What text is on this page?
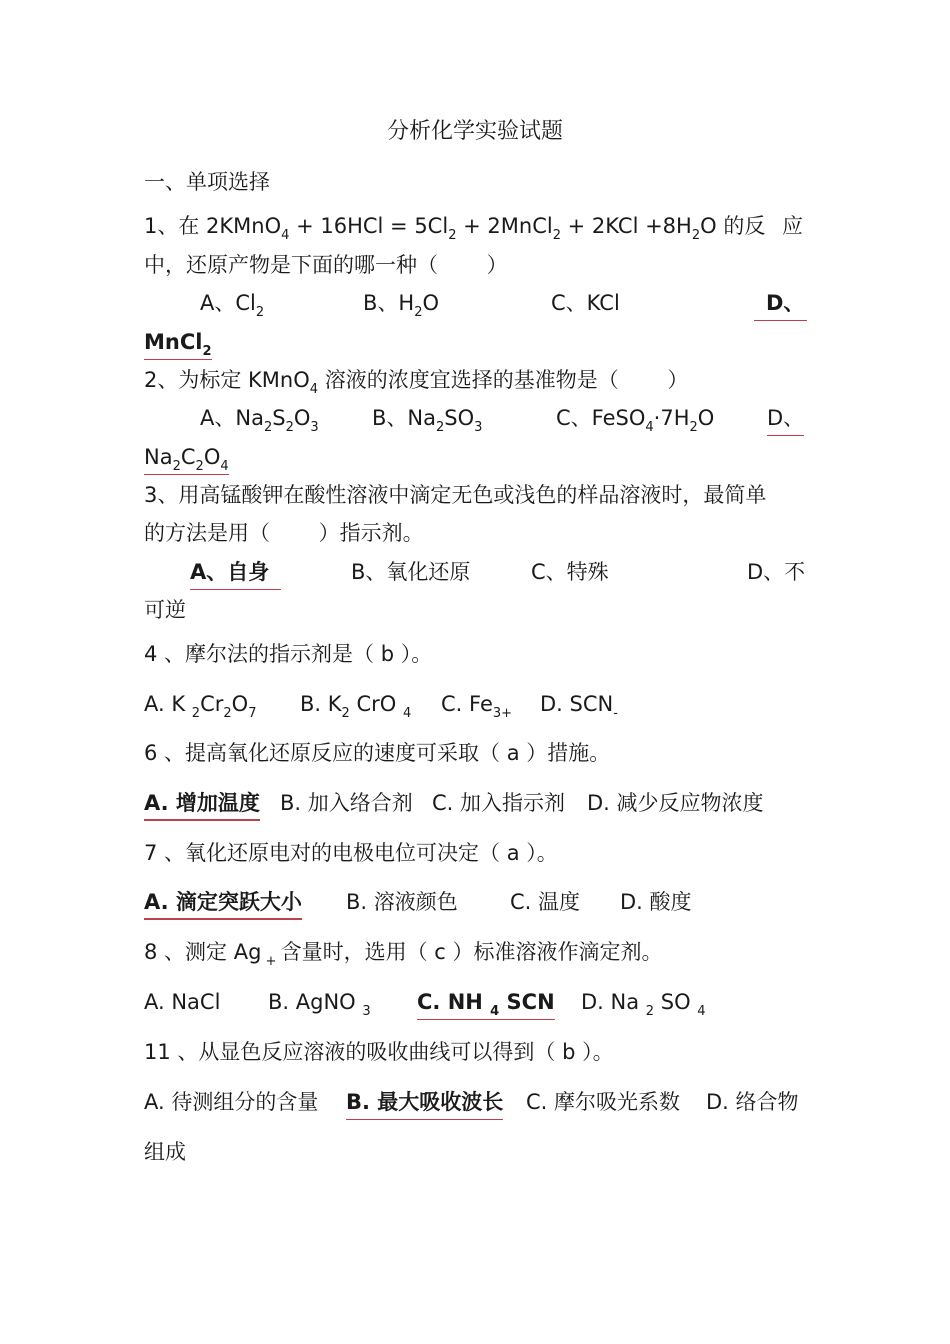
分析化学实验试题
一、单项选择
1、在 2KMnO$_4$ + $16HCl = 5Cl_2$ + 2MnCl$_2$ + $2KCl +8H_2O$ 的反 应
中，还原产物是下面的哪一种（　　 ）
A、$Cl_2$	B、$H_2O$	C、KCl	D、
MnCl$_2$
2、为标定 KMnO$_4$ 溶液的浓度宜选择的基准物是（　　 ）
A、$Na_2S_2O_3$	B、$Na_2SO_3$	C、$FeSO_4\cdot 7H_2O$	D、
$Na_2C_2O_4$
3、用高锰酸钾在酸性溶液中滴定无色或浅色的样品溶液时，最简单
的方法是用（　　 ）指示剂。
A、自身	B、氧化还原	C、特殊	D、不
可逆
4 、摩尔法的指示剂是（ b ）。
A. K $_2Cr_2O_7$ B. $K_2$ CrO $_4$ C. $Fe_{3+}$ D. $SCN_-$
6 、提高氧化还原反应的速度可采取（ a ）措施。
A. 增加温度 B. 加入络合剂 C. 加入指示剂 D. 减少反应物浓度
7 、氧化还原电对的电极电位可决定（ a ）。
A. 滴定突跃大小 B. 溶液颜色 C. 温度 D. 酸度
8 、测定 Ag $_+$ 含量时，选用（ c ）标准溶液作滴定剂。
A. NaCl B. AgNO $_3$ C. NH $_4$ SCN D. Na $_2$ SO $_4$
11 、从显色反应溶液的吸收曲线可以得到（ b ）。
A. 待测组分的含量 B. 最大吸收波长 C. 摩尔吸光系数 D. 络合物
组成
